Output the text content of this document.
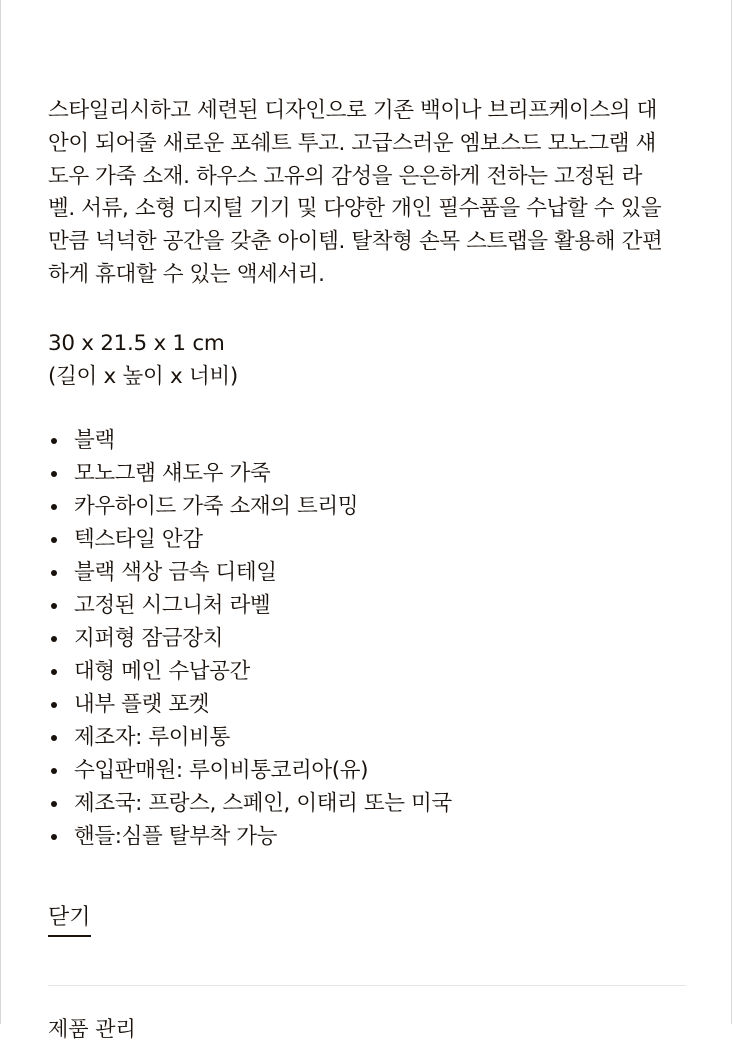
스타일리시하고 세련된 디자인으로 기존 백이나 브리프케이스의 대
안이 되어줄 새로운 포쉐트 투고. 고급스러운 엠보스드 모노그램 섀
도우 가죽 소재. 하우스 고유의 감성을 은은하게 전하는 고정된 라
벨. 서류, 소형 디지털 기기 및 다양한 개인 필수품을 수납할 수 있을
만큼 넉넉한 공간을 갖춘 아이템. 탈착형 손목 스트랩을 활용해 간편
하게 휴대할 수 있는 액세서리.
30 x 21.5 x 1 cm
(길이 x 높이 x 너비)
블랙
모노그램 섀도우 가죽
카우하이드 가죽 소재의 트리밍
텍스타일 안감
블랙 색상 금속 디테일
고정된 시그니처 라벨
지퍼형 잠금장치
대형 메인 수납공간
내부 플랫 포켓
제조자: 루이비통
수입판매원: 루이비통코리아(유)
제조국: 프랑스, 스페인, 이태리 또는 미국
핸들:심플 탈부착 가능
닫기
제품 관리
